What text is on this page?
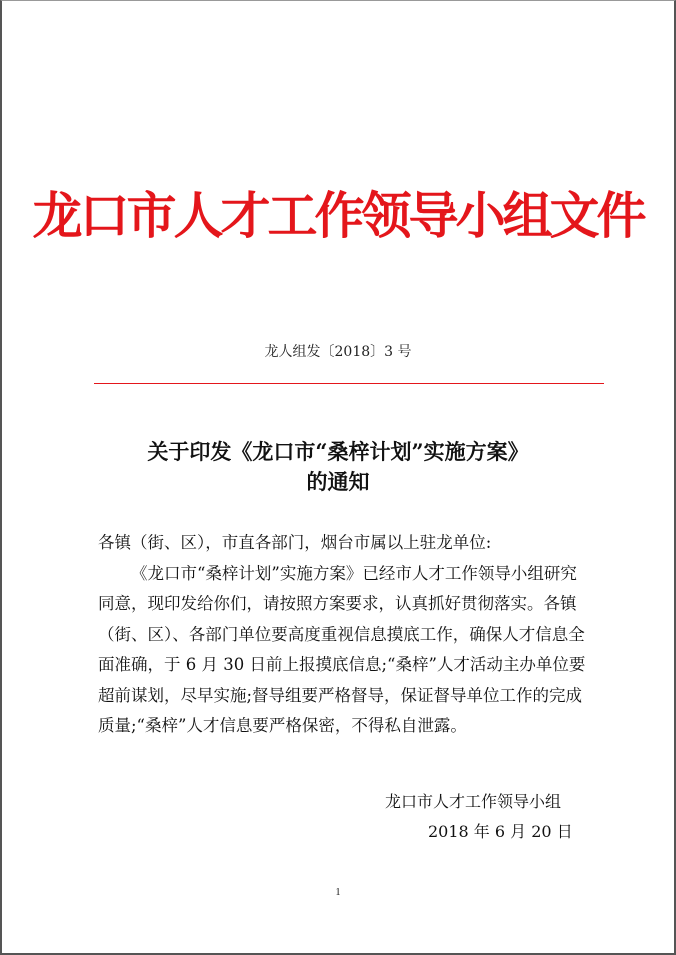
龙口市人才工作领导小组文件
龙人组发〔2018〕3 号
关于印发《龙口市“桑梓计划”实施方案》
的通知

各镇（街、区），市直各部门，烟台市属以上驻龙单位:

《龙口市“桑梓计划”实施方案》已经市人才工作领导小组研究同意，现印发给你们，请按照方案要求，认真抓好贯彻落实。各镇（街、区）、各部门单位要高度重视信息摸底工作，确保人才信息全面准确，于 6 月 30 日前上报摸底信息;“桑梓”人才活动主办单位要超前谋划，尽早实施;督导组要严格督导，保证督导单位工作的完成质量;“桑梓”人才信息要严格保密，不得私自泄露。

龙口市人才工作领导小组
2018 年 6 月 20 日
1
